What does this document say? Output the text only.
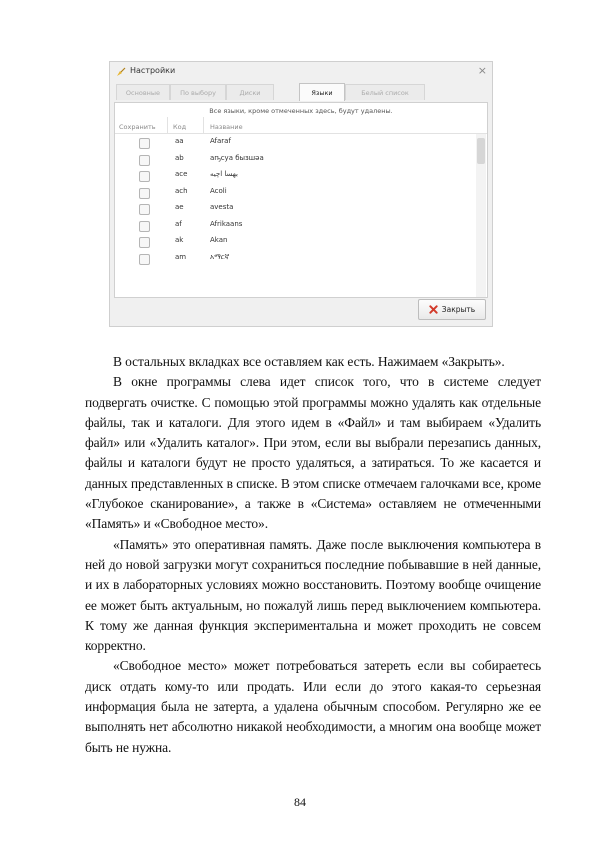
Настройки	×
Основные	По выбору	Диски	Языки	Белый список
Все языки, кроме отмеченных здесь, будут удалены.
Сохранить	Код	Название
aa	Afaraf
ab	аҧсуа бызшәа
ace	بهسا اچيه
ach	Acoli
ae	avesta
af	Afrikaans
ak	Akan
am	አማርኛ
Закрыть

В остальных вкладках все оставляем как есть. Нажимаем «Закрыть».

В окне программы слева идет список того, что в системе следует подвергать очистке. С помощью этой программы можно удалять как отдельные файлы, так и каталоги. Для этого идем в «Файл» и там выбираем «Удалить файл» или «Удалить каталог». При этом, если вы выбрали перезапись данных, файлы и каталоги будут не просто удаляться, а затираться. То же касается и данных представленных в списке. В этом списке отмечаем галочками все, кроме «Глубокое сканирование», а также в «Система» оставляем не отмеченными «Память» и «Свободное место».

«Память» это оперативная память. Даже после выключения компьютера в ней до новой загрузки могут сохраниться последние побывавшие в ней данные, и их в лабораторных условиях можно восстановить. Поэтому вообще очищение ее может быть актуальным, но пожалуй лишь перед выключением компьютера. К тому же данная функция экспериментальна и может проходить не совсем корректно.

«Свободное место» может потребоваться затереть если вы собираетесь диск отдать кому-то или продать. Или если до этого какая-то серьезная информация была не затерта, а удалена обычным способом. Регулярно же ее выполнять нет абсолютно никакой необходимости, а многим она вообще может быть не нужна.

84
